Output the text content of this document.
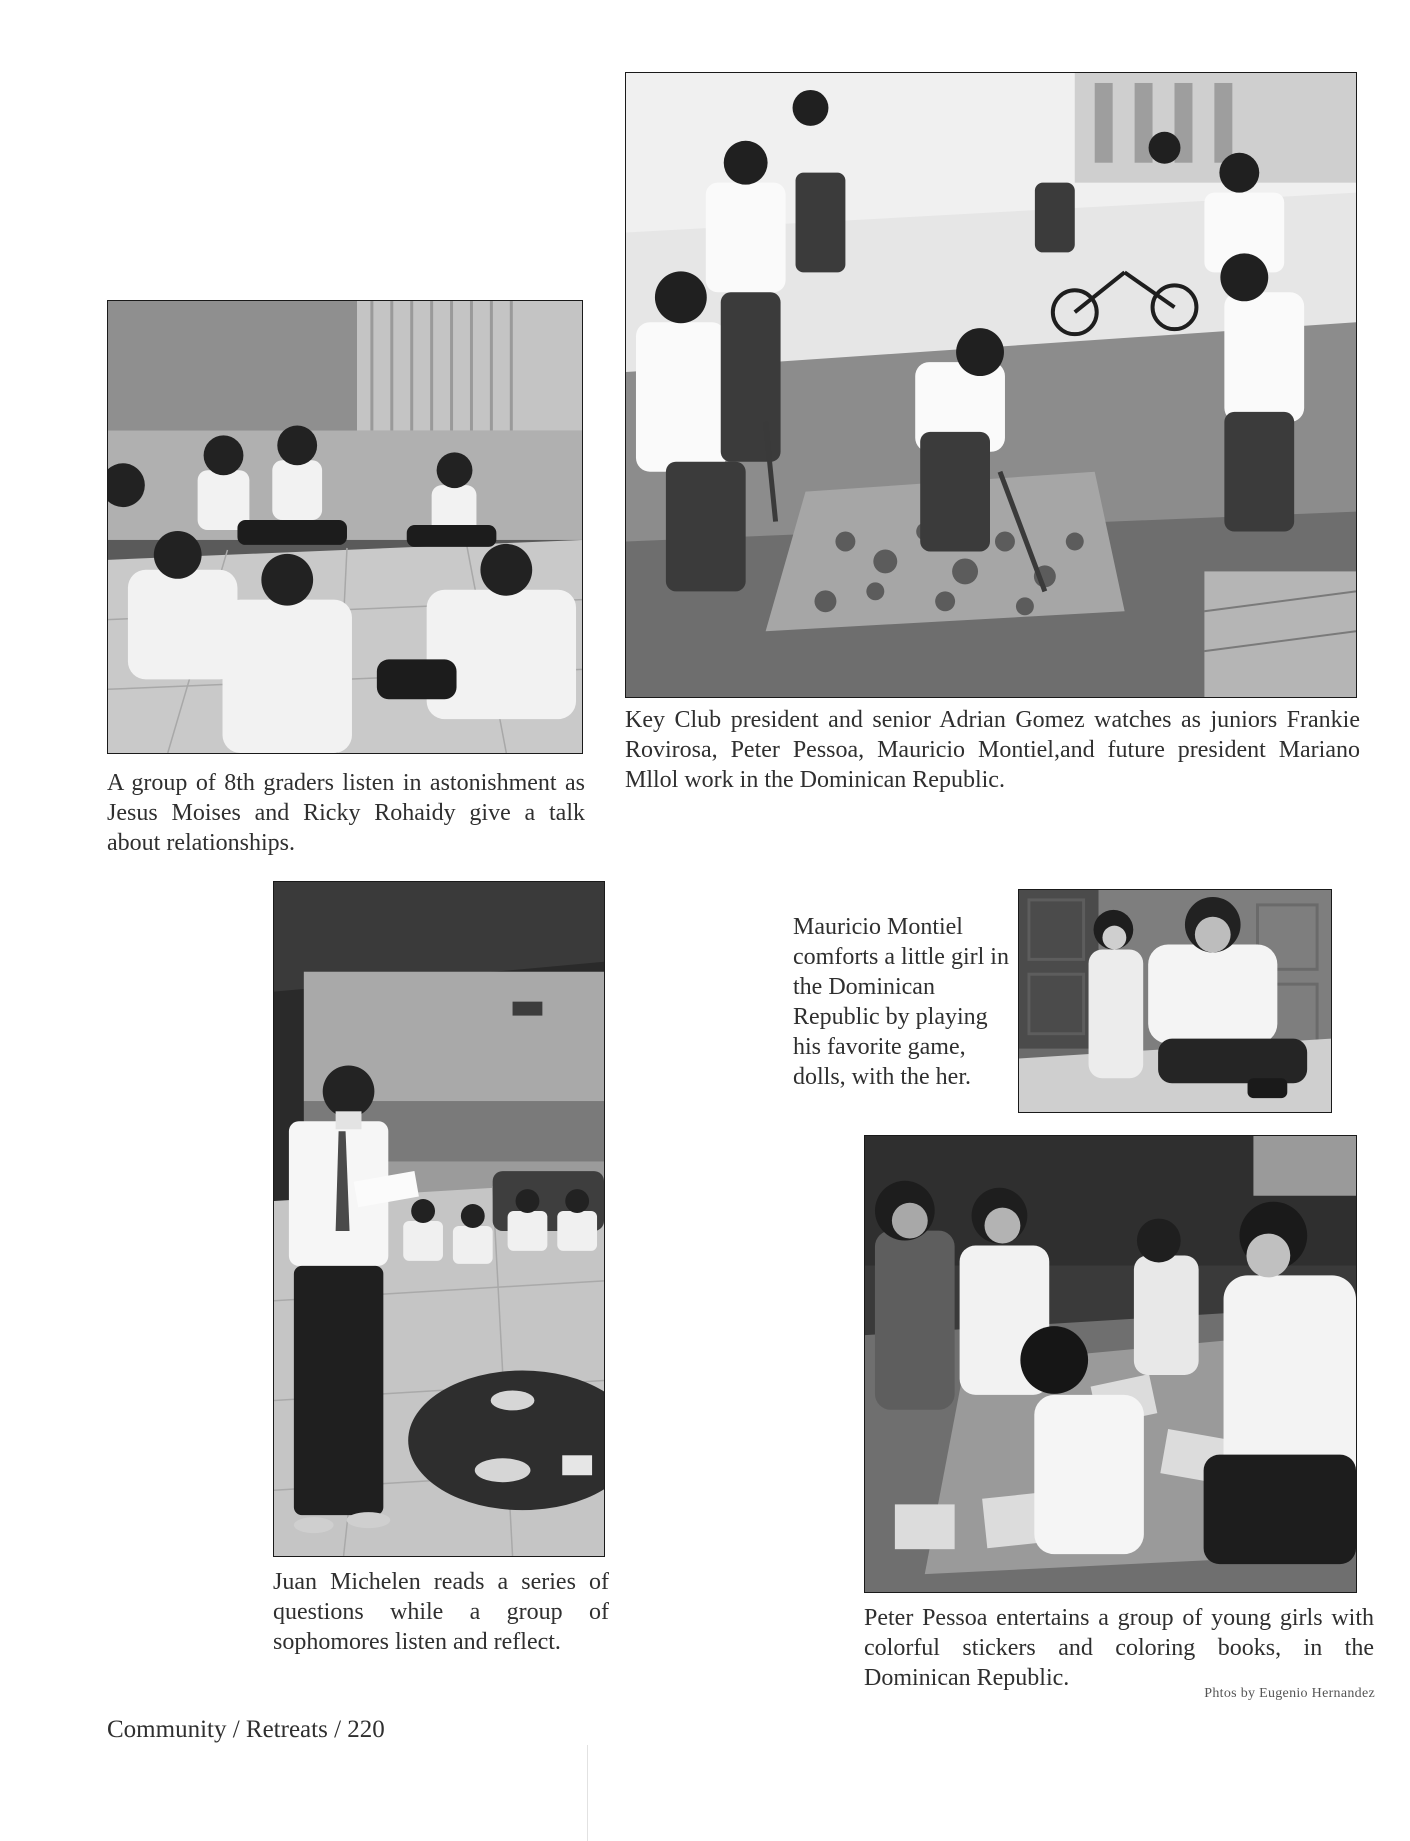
Key Club president and senior Adrian Gomez watches as juniors Frankie Rovirosa, Peter Pessoa, Mauricio Montiel,and future president Mariano Mllol work in the Dominican Republic.

A group of 8th graders listen in astonishment as Jesus Moises and Ricky Rohaidy give a talk about relationships.

Juan Michelen reads a series of questions while a group of sophomores listen and reflect.

Mauricio Montiel comforts a little girl in the Dominican Republic by playing his favorite game, dolls, with the her.

Peter Pessoa entertains a group of young girls with colorful stickers and coloring books, in the Dominican Republic.

Phtos by Eugenio Hernandez

Community / Retreats / 220
